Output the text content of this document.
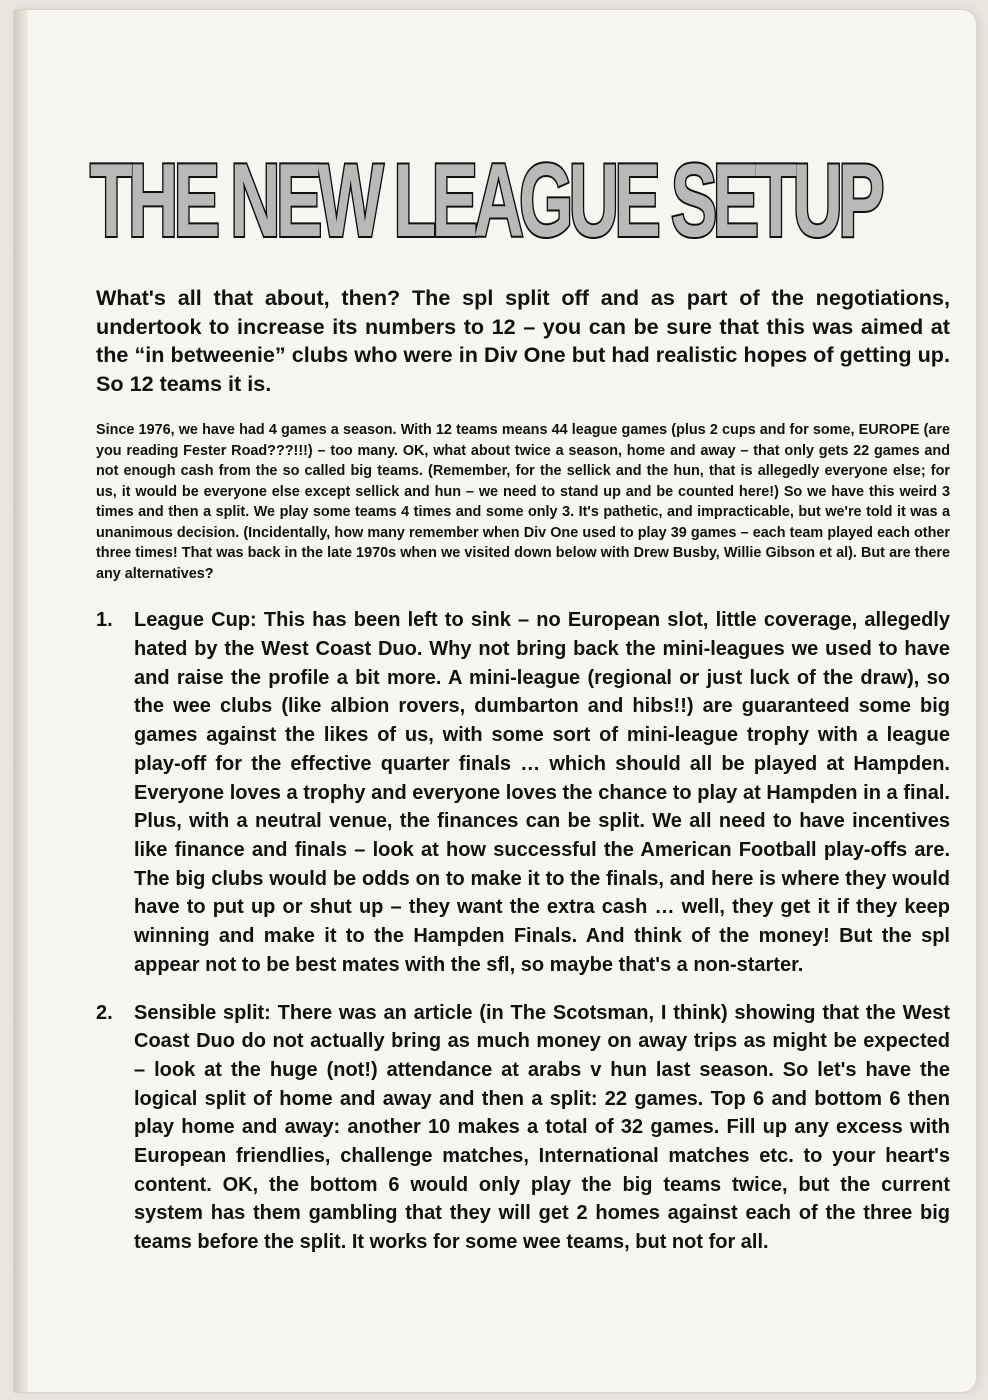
THE NEW LEAGUE SETUP

What's all that about, then? The spl split off and as part of the negotiations, undertook to increase its numbers to 12 – you can be sure that this was aimed at the “in betweenie” clubs who were in Div One but had realistic hopes of getting up. So 12 teams it is.

Since 1976, we have had 4 games a season. With 12 teams means 44 league games (plus 2 cups and for some, EUROPE (are you reading Fester Road???!!!) – too many. OK, what about twice a season, home and away – that only gets 22 games and not enough cash from the so called big teams. (Remember, for the sellick and the hun, that is allegedly everyone else; for us, it would be everyone else except sellick and hun – we need to stand up and be counted here!) So we have this weird 3 times and then a split. We play some teams 4 times and some only 3. It's pathetic, and impracticable, but we're told it was a unanimous decision. (Incidentally, how many remember when Div One used to play 39 games – each team played each other three times! That was back in the late 1970s when we visited down below with Drew Busby, Willie Gibson et al). But are there any alternatives?

1.	League Cup: This has been left to sink – no European slot, little coverage, allegedly hated by the West Coast Duo. Why not bring back the mini-leagues we used to have and raise the profile a bit more. A mini-league (regional or just luck of the draw), so the wee clubs (like albion rovers, dumbarton and hibs!!) are guaranteed some big games against the likes of us, with some sort of mini-league trophy with a league play-off for the effective quarter finals … which should all be played at Hampden. Everyone loves a trophy and everyone loves the chance to play at Hampden in a final. Plus, with a neutral venue, the finances can be split. We all need to have incentives like finance and finals – look at how successful the American Football play-offs are. The big clubs would be odds on to make it to the finals, and here is where they would have to put up or shut up – they want the extra cash … well, they get it if they keep winning and make it to the Hampden Finals. And think of the money! But the spl appear not to be best mates with the sfl, so maybe that's a non-starter.
2.	Sensible split: There was an article (in The Scotsman, I think) showing that the West Coast Duo do not actually bring as much money on away trips as might be expected – look at the huge (not!) attendance at arabs v hun last season. So let's have the logical split of home and away and then a split: 22 games. Top 6 and bottom 6 then play home and away: another 10 makes a total of 32 games. Fill up any excess with European friendlies, challenge matches, International matches etc. to your heart's content. OK, the bottom 6 would only play the big teams twice, but the current system has them gambling that they will get 2 homes against each of the three big teams before the split. It works for some wee teams, but not for all.
